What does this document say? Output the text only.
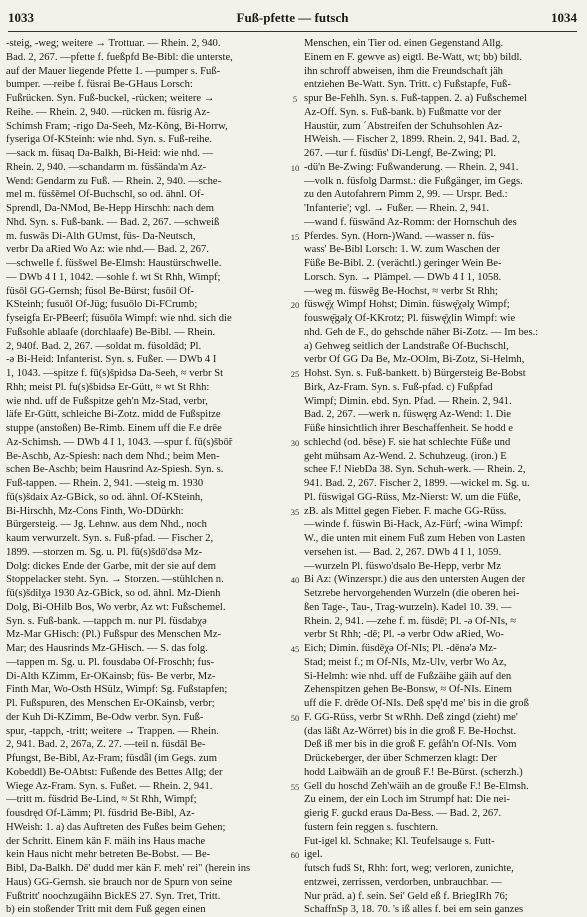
1033	Fuß-pfette — futsch	1034
-steig, -weg; weitere → Trottuar. — Rhein. 2, 940.
Bad. 2, 267. —pfette f. fueßpfd Be-Bibl: die unterste,
auf der Mauer liegende Pfette 1. —pumper s. Fuß-
bumper. —reibe f. füsrai Be-GHaus Lorsch:
Fußrücken. Syn. Fuß-buckel, -rücken; weitere →
Reihe. — Rhein. 2, 940. —rücken m. füsrig Az-
Schimsh Fram; -rigo Da-Seeh, Mz-Kông, Bi-Horrw,
fyseriga Of-KSteinh: wie nhd. Syn. s. Fuß-reihe.
—sack m. füsaq Da-Balkh, Bi-Heid: wie nhd. —
Rhein. 2, 940. —schandarm m. füsšända'm Az-
Wend: Gendarm zu Fuß. — Rhein. 2, 940. —sche-
mel m. füsšēmel Of-Buchschl, so od. ähnl. Of-
Sprendl, Da-NMod, Be-Hepp Hirschh: nach dem
Nhd. Syn. s. Fuß-bank. — Bad. 2, 267. —schweiß
m. fuswās Di-Alth GUmst, füs- Da-Neutsch,
verbr Da aRied Wo Az: wie nhd.— Bad. 2, 267.
—schwelle f. füsšwel Be-Elmsh: Haustürschwelle.
— DWb 4 I 1, 1042. —sohle f. wt St Rhh, Wimpf;
füsōl GG-Gernsh; füsol Be-Bürst; fusōil Of-
KSteinh; fusuōl Of-Jüg; fusuōlo Di-FCrumb;
fyseigfa Er-PBeerf; füsuōla Wimpf: wie nhd. sich die
Fußsohle ablaafe (dorchlaafe) Be-Bibl. — Rhein.
2, 940f. Bad. 2, 267. —soldat m. füsoldād; Pl.
-ə Bi-Heid: Infanterist. Syn. s. Fußer. — DWb 4 I
1, 1043. —spitze f. fū(s)špidsə Da-Seeh, ≈ verbr St
Rhh; meist Pl. fu(s)šbidsə Er-Gütt, ≈ wt St Rhh:
wie nhd. uff de Fußspitze geh'n Mz-Stad, verbr,
läfe Er-Gütt, schleiche Bi-Zotz. midd de Fußspitze
stuppe (anstoßen) Be-Rimb. Einem uff die F.e drēe
Az-Schimsh. — DWb 4 I 1, 1043. —spur f. fū(s)šbō̃r
Be-Aschb, Az-Spiesh: nach dem Nhd.; beim Men-
schen Be-Aschb; beim Hausrind Az-Spiesh. Syn. s.
Fuß-tappen. — Rhein. 2, 941. —steig m. 1930
fū(s)šdaix Az-GBick, so od. ähnl. Of-KSteinh,
Bi-Hirschh, Mz-Cons Finth, Wo-DDürkh:
Bürgersteig. — Jg. Lehnw. aus dem Nhd., noch
kaum verwurzelt. Syn. s. Fuß-pfad. — Fischer 2,
1899. —storzen m. Sg. u. Pl. fū(s)šdō'dsə Mz-
Dolg: dickes Ende der Garbe, mit der sie auf dem
Stoppelacker steht. Syn. → Storzen. —stühlchen n.
fū(s)šdilχə 1930 Az-GBick, so od. ähnl. Mz-Dienh
Dolg, Bi-OHilb Bos, Wo verbr, Az wt: Fußschemel.
Syn. s. Fuß-bank. —tappch m. nur Pl. füsdabχə
Mz-Mar GHisch: (Pl.) Fußspur des Menschen Mz-
Mar; des Hausrinds Mz-GHisch. — S. das folg.
—tappen m. Sg. u. Pl. fousdabə Of-Froschh; fus-
Di-Alth KZimm, Er-OKainsb; füs- Be verbr, Mz-
Finth Mar, Wo-Osth HSülz, Wimpf: Sg. Fußstapfen;
Pl. Fußspuren, des Menschen Er-OKainsb, verbr;
der Kuh Di-KZimm, Be-Odw verbr. Syn. Fuß-
spur, -tappch, -tritt; weitere → Trappen. — Rhein.
2, 941. Bad. 2, 267a, Z. 27. —teil n. füsdāl Be-
Pfungst, Be-Bibl, Az-Fram; füsdǟl (im Gegs. zum
Kobeddl) Be-OAbtst: Fußende des Bettes Allg; der
Wiege Az-Fram. Syn. s. Fußet. — Rhein. 2, 941.
—tritt m. füsdrid Be-Lind, ≈ St Rhh, Wimpf;
fousdręd Of-Lämm; Pl. füsdrid Be-Bibl, Az-
HWeish: 1. a) das Auftreten des Fußes beim Gehen;
der Schritt. Einem kän F. mäih ins Haus mache
kein Haus nicht mehr betreten Be-Bobst. — Be-
Bibl, Da-Balkh. Dē' dudd mer kän F. meh' rei" (herein ins
Haus) GG-Gernsh. sie brauch nor de Spurn von seine
Fußtritt' noochzugäihn BickES 27. Syn. Tret, Tritt.
b) ein stoßender Tritt mit dem Fuß gegen einen
5
10
15
20
25
30
35
40
45
50
55
60
Menschen, ein Tier od. einen Gegenstand Allg.
Einem en F. gewve as) eigtl. Be-Watt, wt; bb) bildl.
ihn schroff abweisen, ihm die Freundschaft jäh
entziehen Be-Watt. Syn. Tritt. c) Fußstapfe, Fuß-
spur Be-Fehlh. Syn. s. Fuß-tappen. 2. a) Fußschemel
Az-Off. Syn. s. Fuß-bank. b) Fußmatte vor der
Haustür, zum ´Abstreifen der Schuhsohlen Az-
HWeish. — Fischer 2, 1899. Rhein. 2, 941. Bad. 2,
267. —tur f. füsdüs' Di-Lengf, Be-Zwing; Pl.
-dü'n Be-Zwing: Fußwanderung. — Rhein. 2, 941.
—volk n. füsfolg Darmst.: die Fußgänger, im Gegs.
zu den Autofahrern Pimm 2, 99. — Urspr. Bed.:
'Infanterie'; vgl. → Fußer. — Rhein. 2, 941.
—wand f. füswänd Az-Romm: der Hornschuh des
Pferdes. Syn. (Horn-)Wand. —wasser n. füs-
wass' Be-Bibl Lorsch: 1. W. zum Waschen der
Füße Be-Bibl. 2. (verächtl.) geringer Wein Be-
Lorsch. Syn. → Plämpel. — DWb 4 I 1, 1058.
—weg m. füswēg Be-Hochst, ≈ verbr St Rhh;
füswę̄χ Wimpf Hohst; Dimin. füswę̄χəlχ Wimpf;
fouswę̄gəlχ Of-KKrotz; Pl. füswę̄χlin Wimpf: wie
nhd. Geh de F., do gehschde näher Bi-Zotz. — Im bes.:
a) Gehweg seitlich der Landstraße Of-Buchschl,
verbr Of GG Da Be, Mz-OOlm, Bi-Zotz, Si-Helmh,
Hohst. Syn. s. Fuß-bankett. b) Bürgersteig Be-Bobst
Birk, Az-Fram. Syn. s. Fuß-pfad. c) Fußpfad
Wimpf; Dimin. ebd. Syn. Pfad. — Rhein. 2, 941.
Bad. 2, 267. —werk n. füswęrg Az-Wend: 1. Die
Füße hinsichtlich ihrer Beschaffenheit. Se hodd e
schlechd (od. bēse) F. sie hat schlechte Füße und
geht mühsam Az-Wend. 2. Schuhzeug. (iron.) E
schee F.! NiebDa 38. Syn. Schuh-werk. — Rhein. 2,
941. Bad. 2, 267. Fischer 2, 1899. —wickel m. Sg. u.
Pl. füswigəl GG-Rüss, Mz-Nierst: W. um die Füße,
zB. als Mittel gegen Fieber. F. mache GG-Rüss.
—winde f. füswin Bi-Hack, Az-Fürf; -wina Wimpf:
W., die unten mit einem Fuß zum Heben von Lasten
versehen ist. — Bad. 2, 267. DWb 4 I 1, 1059.
—wurzeln Pl. füswo'dsəlo Be-Hepp, verbr Mz
Bi Az: (Winzerspr.) die aus den untersten Augen der
Setzrebe hervorgehenden Wurzeln (die oberen hei-
ßen Tage-, Tau-, Trag-wurzeln). Kadel 10. 39. —
Rhein. 2, 941. —zehe f. m. füsdē; Pl. -ə Of-NIs, ≈
verbr St Rhh; -dē; Pl. -ə verbr Odw aRied, Wo-
Eich; Dimin. füsdēχə Of-NIs; Pl. -dēnə'ə Mz-
Stad; meist f.; m Of-NIs, Mz-Ulv, verbr Wo Az,
Si-Helmh: wie nhd. uff de Fußzäihe gäih auf den
Zehenspitzen gehen Be-Bonsw, ≈ Of-NIs. Einem
uff die F. drēde Of-NIs. Deß spę'd me' bis in die groß
F. GG-Rüss, verbr St wRhh. Deß zingd (zieht) me'
(das läßt Az-Wörret) bis in die groß F. Be-Hochst.
Deß iß mer bis in die groß F. gefåh'n Of-NIs. Vom
Drückeberger, der über Schmerzen klagt: Der
hodd Laibwäih an de grouß F.! Be-Bürst. (scherzh.)
Gell du hoschd Zeh'wäih an de grouße F.! Be-Elmsh.
Zu einem, der ein Loch im Strumpf hat: Die nei-
gierig F. guckd eraus Da-Bess. — Bad. 2, 267.
fustern fein reggen s. fuschtern.
Fut-igel kl. Schnake; Kl. Teufelsauge s. Futt-
igel.
futsch fudš St, Rhh: fort, weg; verloren, zunichte,
entzwei, zerrissen, verdorben, unbrauchbar. —
Nur präd. a) f. sein. Sei' Geld eß f. BriegIRh 76;
SchaffnSp 3, 18. 70. 's iß alles f. bei em sein ganzes
